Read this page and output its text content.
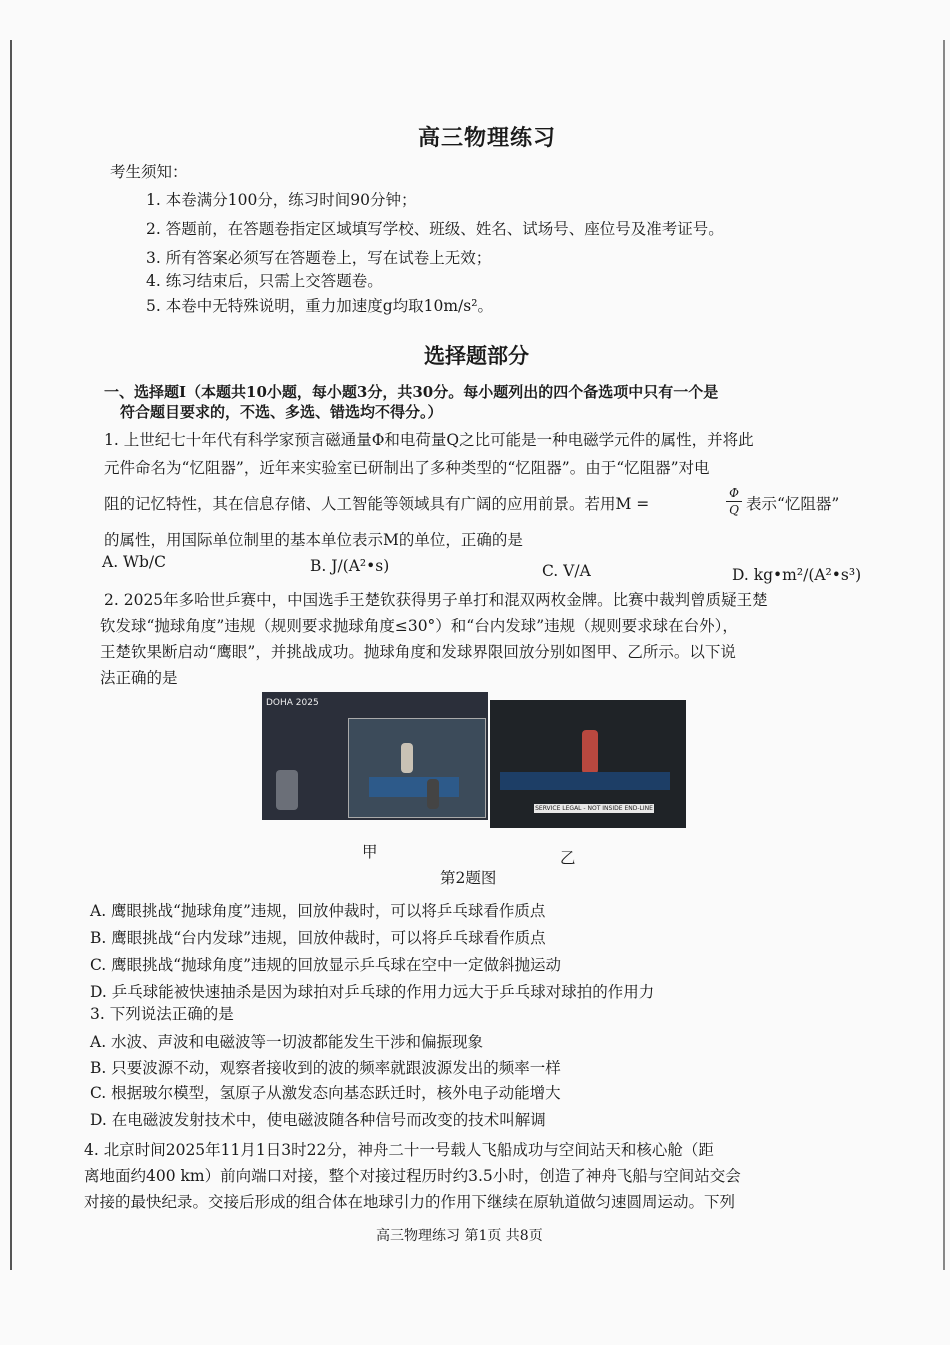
高三物理练习
考生须知：
1. 本卷满分100分，练习时间90分钟；
2. 答题前，在答题卷指定区域填写学校、班级、姓名、试场号、座位号及准考证号。
3. 所有答案必须写在答题卷上，写在试卷上无效；
4. 练习结束后，只需上交答题卷。
5. 本卷中无特殊说明，重力加速度g均取10m/s²。
选择题部分
一、选择题Ⅰ（本题共10小题，每小题3分，共30分。每小题列出的四个备选项中只有一个是
符合题目要求的，不选、多选、错选均不得分。）
1. 上世纪七十年代有科学家预言磁通量Φ和电荷量Q之比可能是一种电磁学元件的属性，并将此
元件命名为“忆阻器”，近年来实验室已研制出了多种类型的“忆阻器”。由于“忆阻器”对电
阻的记忆特性，其在信息存储、人工智能等领域具有广阔的应用前景。若用M =
Φ
Q 表示“忆阻器”
的属性，用国际单位制里的基本单位表示M的单位，正确的是
A. Wb/C	B. J/(A²•s)	C. V/A	D. kg•m²/(A²•s³)
2. 2025年多哈世乒赛中，中国选手王楚钦获得男子单打和混双两枚金牌。比赛中裁判曾质疑王楚
钦发球“抛球角度”违规（规则要求抛球角度≤30°）和“台内发球”违规（规则要求球在台外），
王楚钦果断启动“鹰眼”，并挑战成功。抛球角度和发球界限回放分别如图甲、乙所示。以下说
法正确的是
DOHA 2025
SERVICE LEGAL - NOT INSIDE END-LINE
甲	乙
第2题图
A. 鹰眼挑战“抛球角度”违规，回放仲裁时，可以将乒乓球看作质点
B. 鹰眼挑战“台内发球”违规，回放仲裁时，可以将乒乓球看作质点
C. 鹰眼挑战“抛球角度”违规的回放显示乒乓球在空中一定做斜抛运动
D. 乒乓球能被快速抽杀是因为球拍对乒乓球的作用力远大于乒乓球对球拍的作用力
3. 下列说法正确的是
A. 水波、声波和电磁波等一切波都能发生干涉和偏振现象
B. 只要波源不动，观察者接收到的波的频率就跟波源发出的频率一样
C. 根据玻尔模型，氢原子从激发态向基态跃迁时，核外电子动能增大
D. 在电磁波发射技术中，使电磁波随各种信号而改变的技术叫解调
4. 北京时间2025年11月1日3时22分，神舟二十一号载人飞船成功与空间站天和核心舱（距
离地面约400 km）前向端口对接，整个对接过程历时约3.5小时，创造了神舟飞船与空间站交会
对接的最快纪录。交接后形成的组合体在地球引力的作用下继续在原轨道做匀速圆周运动。下列
高三物理练习 第1页 共8页
